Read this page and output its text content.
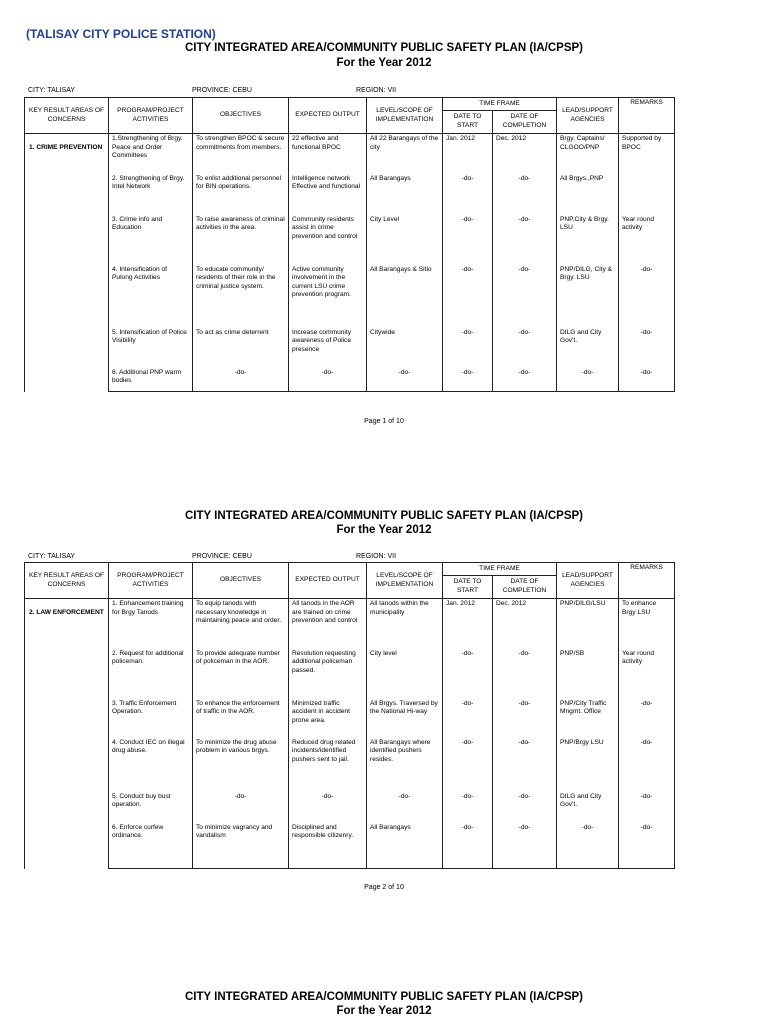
(TALISAY CITY POLICE STATION)
CITY INTEGRATED AREA/COMMUNITY PUBLIC SAFETY PLAN (IA/CPSP)
For the Year 2012
CITY: TALISAY	PROVINCE: CEBU	REGION: VII
KEY RESULT AREAS OF CONCERNS	PROGRAM/PROJECT ACTIVITIES	OBJECTIVES	EXPECTED OUTPUT	LEVEL/SCOPE OF IMPLEMENTATION	TIME FRAME		LEAD/SUPPORT AGENCIES	REMARKS
					DATE TO START	DATE OF COMPLETION		
1. CRIME PREVENTION	1.Strengthening of Brgy. Peace and Order Committees	To strengthen BPOC & secure commitments from members.	22 effective and functional BPOC	All 22 Barangays of the city	Jan. 2012	Dec. 2012	Brgy. Captains/ CLGOO/PNP	Supported by BPOC
	2. Strengthening of Brgy. Intel Network	To enlist additional personnel for BIN operations.	Intelligence network Effective and functional	All Barangays	-do-	-do-	All Brgys.,PNP	
	3. Crime info and Education	To raise awareness of criminal activities in the area.	Community residents assist in crime prevention and control	City Level	-do-	-do-	PNP,City & Brgy. LSU	Year round activity
	4. Intensification of Pulong Activities	To educate community/ residents of their role in the criminal justice system.	Active community involvement in the current LSU crime prevention program.	All Barangays & Sitio	-do-	-do-	PNP/DILG, City & Brgy. LSU	-do-
	5. Intensification of Police Visibility	To act as crime deterrent	Increase community awareness of Police presence	Citywide	-do-	-do-	DILG and City Gov't.	-do-
	6. Additional PNP warm bodies	-do-	-do-	-do-	-do-	-do-	-do-	-do-
Page 1 of 10
CITY INTEGRATED AREA/COMMUNITY PUBLIC SAFETY PLAN (IA/CPSP)
For the Year 2012
CITY: TALISAY	PROVINCE: CEBU	REGION: VII
KEY RESULT AREAS OF CONCERNS	PROGRAM/PROJECT ACTIVITIES	OBJECTIVES	EXPECTED OUTPUT	LEVEL/SCOPE OF IMPLEMENTATION	TIME FRAME		LEAD/SUPPORT AGENCIES	REMARKS
					DATE TO START	DATE OF COMPLETION		
2. LAW ENFORCEMENT	1. Enhancement training for Brgy Tanods	To equip tanods with necessary knowledge in maintaining peace and order.	All tanods in the AOR are trained on crime prevention and control	All tanods within the municipality	Jan. 2012	Dec. 2012	PNP/DILG/LSU	To enhance Brgy LSU
	2. Request for additional policeman.	To provide adequate number of policeman in the AOR.	Resolution requesting additional policeman passed.	City level	-do-	-do-	PNP/SB	Year round activity
	3. Traffic Enforcement Operation.	To enhance the enforcement of traffic in the AOR.	Minimized traffic accident in accident prone area.	All Brgys. Traversed by the National Hi-way	-do-	-do-	PNP/City Traffic Mngmt. Office	-do-
	4. Conduct IEC on illegal drug abuse.	To minimize the drug abuse problem in various brgys.	Reduced drug related incidents/identified pushers sent to jail.	All Barangays where identified pushers resides.	-do-	-do-	PNP/Brgy LSU	-do-
	5. Conduct buy bust operation.	-do-	-do-	-do-	-do-	-do-	DILG and City Gov't.	-do-
	6. Enforce curfew ordinance.	To minimize vagrancy and vandalism	Disciplined and responsible citizenry.	All Barangays	-do-	-do-	-do-	-do-
Page 2 of 10
CITY INTEGRATED AREA/COMMUNITY PUBLIC SAFETY PLAN (IA/CPSP)
For the Year 2012
